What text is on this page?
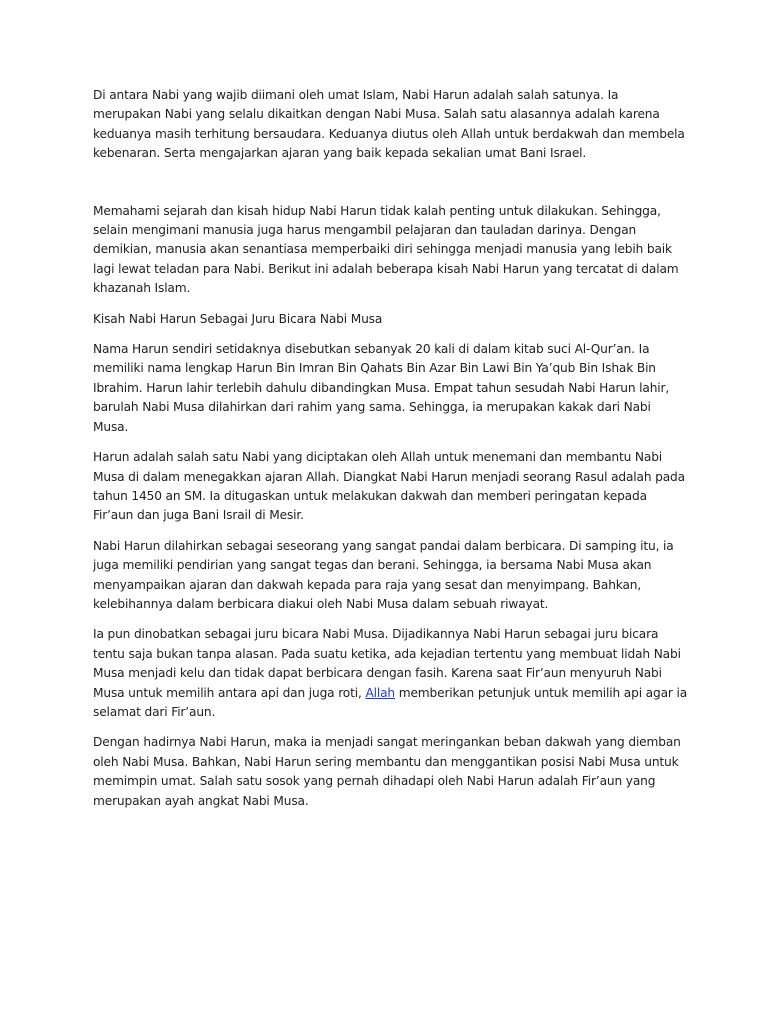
Di antara Nabi yang wajib diimani oleh umat Islam, Nabi Harun adalah salah satunya. Ia merupakan Nabi yang selalu dikaitkan dengan Nabi Musa. Salah satu alasannya adalah karena keduanya masih terhitung bersaudara. Keduanya diutus oleh Allah untuk berdakwah dan membela kebenaran. Serta mengajarkan ajaran yang baik kepada sekalian umat Bani Israel.

Memahami sejarah dan kisah hidup Nabi Harun tidak kalah penting untuk dilakukan. Sehingga, selain mengimani manusia juga harus mengambil pelajaran dan tauladan darinya. Dengan demikian, manusia akan senantiasa memperbaiki diri sehingga menjadi manusia yang lebih baik lagi lewat teladan para Nabi. Berikut ini adalah beberapa kisah Nabi Harun yang tercatat di dalam khazanah Islam.

Kisah Nabi Harun Sebagai Juru Bicara Nabi Musa

Nama Harun sendiri setidaknya disebutkan sebanyak 20 kali di dalam kitab suci Al-Qur’an. Ia memiliki nama lengkap Harun Bin Imran Bin Qahats Bin Azar Bin Lawi Bin Ya’qub Bin Ishak Bin Ibrahim. Harun lahir terlebih dahulu dibandingkan Musa. Empat tahun sesudah Nabi Harun lahir, barulah Nabi Musa dilahirkan dari rahim yang sama. Sehingga, ia merupakan kakak dari Nabi Musa.

Harun adalah salah satu Nabi yang diciptakan oleh Allah untuk menemani dan membantu Nabi Musa di dalam menegakkan ajaran Allah. Diangkat Nabi Harun menjadi seorang Rasul adalah pada tahun 1450 an SM. Ia ditugaskan untuk melakukan dakwah dan memberi peringatan kepada Fir’aun dan juga Bani Israil di Mesir.

Nabi Harun dilahirkan sebagai seseorang yang sangat pandai dalam berbicara. Di samping itu, ia juga memiliki pendirian yang sangat tegas dan berani. Sehingga, ia bersama Nabi Musa akan menyampaikan ajaran dan dakwah kepada para raja yang sesat dan menyimpang. Bahkan, kelebihannya dalam berbicara diakui oleh Nabi Musa dalam sebuah riwayat.

Ia pun dinobatkan sebagai juru bicara Nabi Musa. Dijadikannya Nabi Harun sebagai juru bicara tentu saja bukan tanpa alasan. Pada suatu ketika, ada kejadian tertentu yang membuat lidah Nabi Musa menjadi kelu dan tidak dapat berbicara dengan fasih. Karena saat Fir’aun menyuruh Nabi Musa untuk memilih antara api dan juga roti, Allah memberikan petunjuk untuk memilih api agar ia selamat dari Fir’aun.

Dengan hadirnya Nabi Harun, maka ia menjadi sangat meringankan beban dakwah yang diemban oleh Nabi Musa. Bahkan, Nabi Harun sering membantu dan menggantikan posisi Nabi Musa untuk memimpin umat. Salah satu sosok yang pernah dihadapi oleh Nabi Harun adalah Fir’aun yang merupakan ayah angkat Nabi Musa.
